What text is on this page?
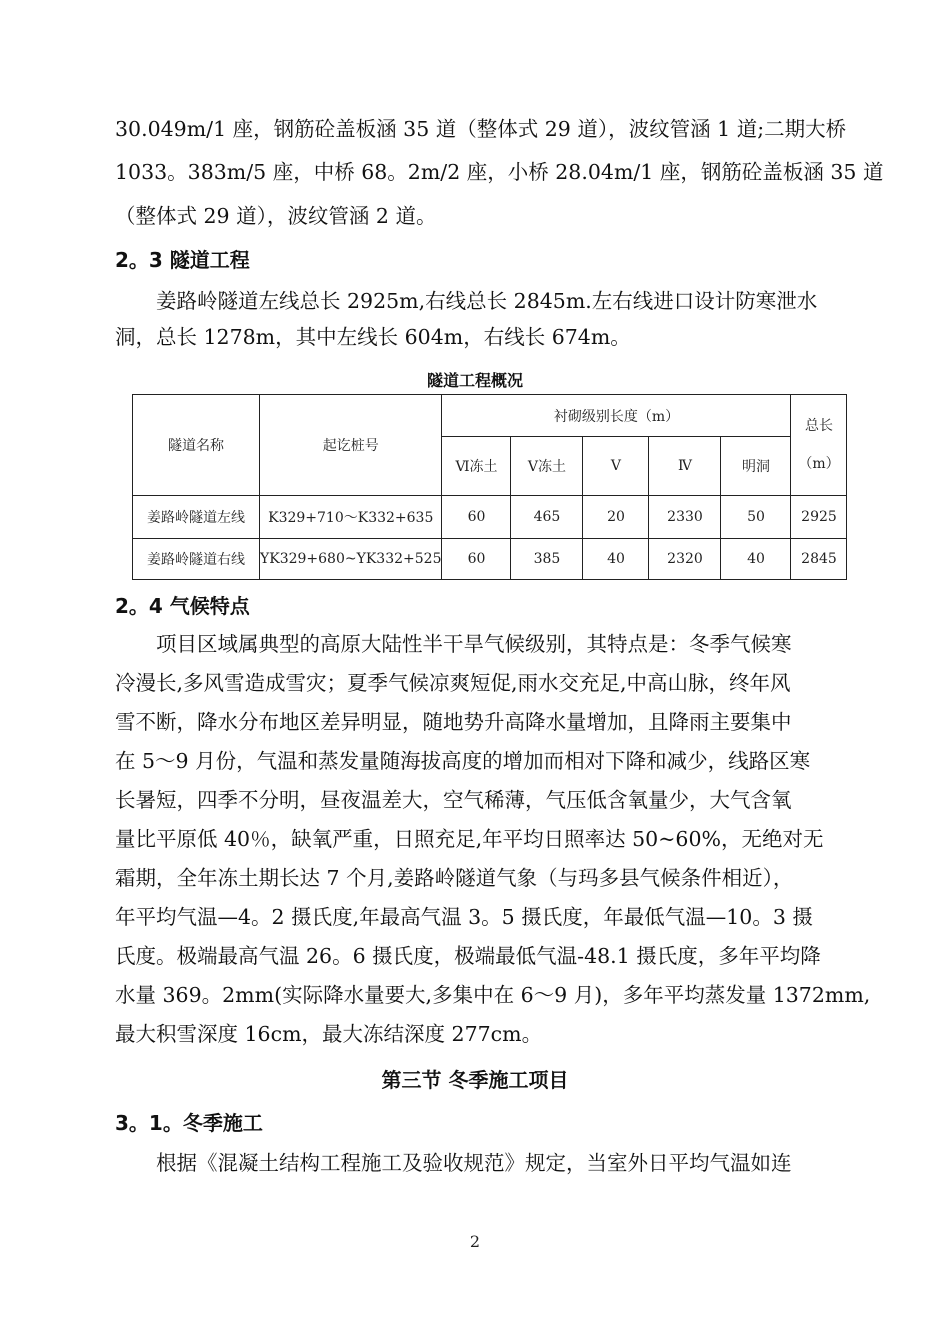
30.049m/1 座，钢筋砼盖板涵 35 道（整体式 29 道），波纹管涵 1 道;二期大桥
1033。383m/5 座，中桥 68。2m/2 座，小桥 28.04m/1 座，钢筋砼盖板涵 35 道
（整体式 29 道），波纹管涵 2 道。
2。3 隧道工程
　　姜路岭隧道左线总长 2925m,右线总长 2845m.左右线进口设计防寒泄水
洞，总长 1278m，其中左线长 604m，右线长 674m。
隧道工程概况
隧道名称	起讫桩号	衬砌级别长度（m）					总长
（m）

		Ⅵ冻土	Ⅴ冻土	Ⅴ	Ⅳ	明洞	
姜路岭隧道左线	K329+710～K332+635	60	465	20	2330	50	2925
姜路岭隧道右线	YK329+680~YK332+525	60	385	40	2320	40	2845
2。4 气候特点
　　项目区域属典型的高原大陆性半干旱气候级别，其特点是：冬季气候寒
冷漫长,多风雪造成雪灾；夏季气候凉爽短促,雨水交充足,中高山脉，终年风
雪不断，降水分布地区差异明显，随地势升高降水量增加，且降雨主要集中
在 5～9 月份，气温和蒸发量随海拔高度的增加而相对下降和减少，线路区寒
长暑短，四季不分明，昼夜温差大，空气稀薄，气压低含氧量少，大气含氧
量比平原低 40％，缺氧严重，日照充足,年平均日照率达 50~60%，无绝对无
霜期，全年冻土期长达 7 个月,姜路岭隧道气象（与玛多县气候条件相近），
年平均气温—4。2 摄氏度,年最高气温 3。5 摄氏度，年最低气温—10。3 摄
氏度。极端最高气温 26。6 摄氏度，极端最低气温-48.1 摄氏度，多年平均降
水量 369。2mm(实际降水量要大,多集中在 6～9 月)，多年平均蒸发量 1372mm,
最大积雪深度 16cm，最大冻结深度 277cm。
第三节 冬季施工项目
3。1。冬季施工
　　根据《混凝土结构工程施工及验收规范》规定，当室外日平均气温如连
2
